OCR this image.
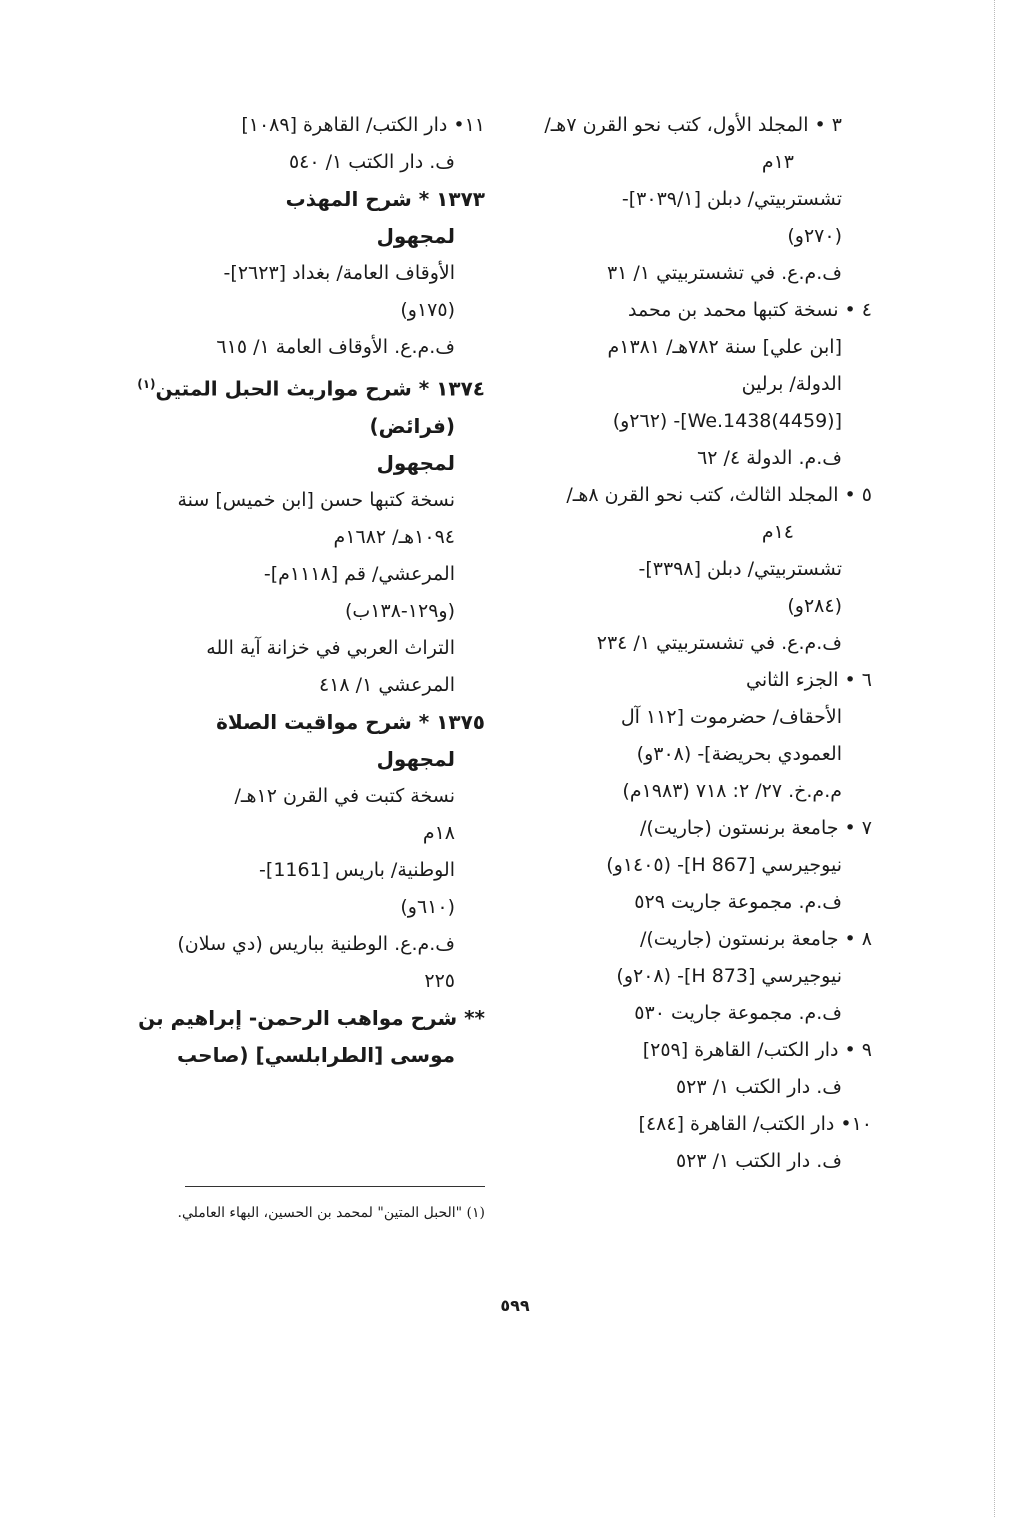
٣ • المجلد الأول، كتب نحو القرن ٧هـ/
١٣م
تشستربيتي/ دبلن [٣٠٣٩/١]-
(٢٧٠و)
ف.م.ع. في تشستربيتي ١/ ٣١
٤ • نسخة كتبها محمد بن محمد
[ابن علي] سنة ٧٨٢هـ/ ١٣٨١م
الدولة/ برلين
[We.1438(4459)]- (٢٦٢و)
ف.م. الدولة ٤/ ٦٢
٥ • المجلد الثالث، كتب نحو القرن ٨هـ/
١٤م
تشستربيتي/ دبلن [٣٣٩٨]-
(٢٨٤و)
ف.م.ع. في تشستربيتي ١/ ٢٣٤
٦ • الجزء الثاني
الأحقاف/ حضرموت [١١٢ آل
العمودي بحريضة]- (٣٠٨و)
م.م.خ. ٢٧/ ٢: ٧١٨ (١٩٨٣م)
٧ • جامعة برنستون (جاريت)/
نيوجيرسي [867 H]- (١٤٠٥و)
ف.م. مجموعة جاريت ٥٢٩
٨ • جامعة برنستون (جاريت)/
نيوجيرسي [873 H]- (٢٠٨و)
ف.م. مجموعة جاريت ٥٣٠
٩ • دار الكتب/ القاهرة [٢٥٩]
ف. دار الكتب ١/ ٥٢٣
١٠• دار الكتب/ القاهرة [٤٨٤]
ف. دار الكتب ١/ ٥٢٣
١١• دار الكتب/ القاهرة [١٠٨٩]
ف. دار الكتب ١/ ٥٤٠
١٣٧٣ * شرح المهذب
لمجهول
الأوقاف العامة/ بغداد [٢٦٢٣]-
(١٧٥و)
ف.م.ع. الأوقاف العامة ١/ ٦١٥
١٣٧٤ * شرح مواريث الحبل المتين$^{(١)}$
(فرائض)
لمجهول
نسخة كتبها حسن [ابن خميس] سنة
١٠٩٤هـ/ ١٦٨٢م
المرعشي/ قم [١١١٨م]-
(و١٢٩-١٣٨ب)
التراث العربي في خزانة آية الله
المرعشي ١/ ٤١٨
١٣٧٥ * شرح مواقيت الصلاة
لمجهول
نسخة كتبت في القرن ١٢هـ/
١٨م
الوطنية/ باريس [1161]-
(٦١٠و)
ف.م.ع. الوطنية بباريس (دي سلان)
٢٢٥
** شرح مواهب الرحمن- إبراهيم بن
موسى [الطرابلسي] (صاحب
(١) "الحبل المتين" لمحمد بن الحسين، البهاء العاملي.
٥٩٩
